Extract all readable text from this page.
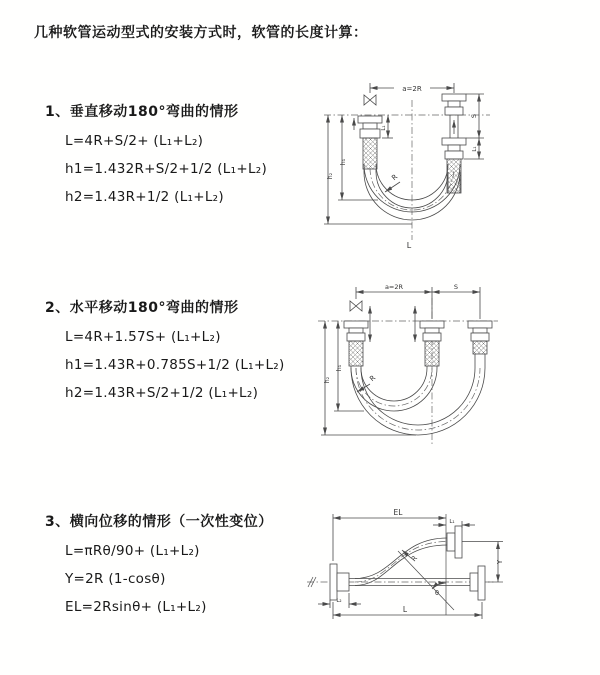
几种软管运动型式的安装方式时，软管的长度计算：
1、垂直移动180°弯曲的情形
L=4R+S/2+ (L₁+L₂)
h1=1.432R+S/2+1/2 (L₁+L₂)
h2=1.43R+1/2 (L₁+L₂)
2、水平移动180°弯曲的情形
L=4R+1.57S+ (L₁+L₂)
h1=1.43R+0.785S+1/2 (L₁+L₂)
h2=1.43R+S/2+1/2 (L₁+L₂)
3、横向位移的情形（一次性变位）
L=πRθ/90+ (L₁+L₂)
Y=2R (1-cosθ)
EL=2Rsinθ+ (L₁+L₂)
a=2R
L₁
S
L₁
h₁
h₂	R
L
a=2R	S
h₁
h₂	R
EL
L₁
Y
R
θ
L
L₂
